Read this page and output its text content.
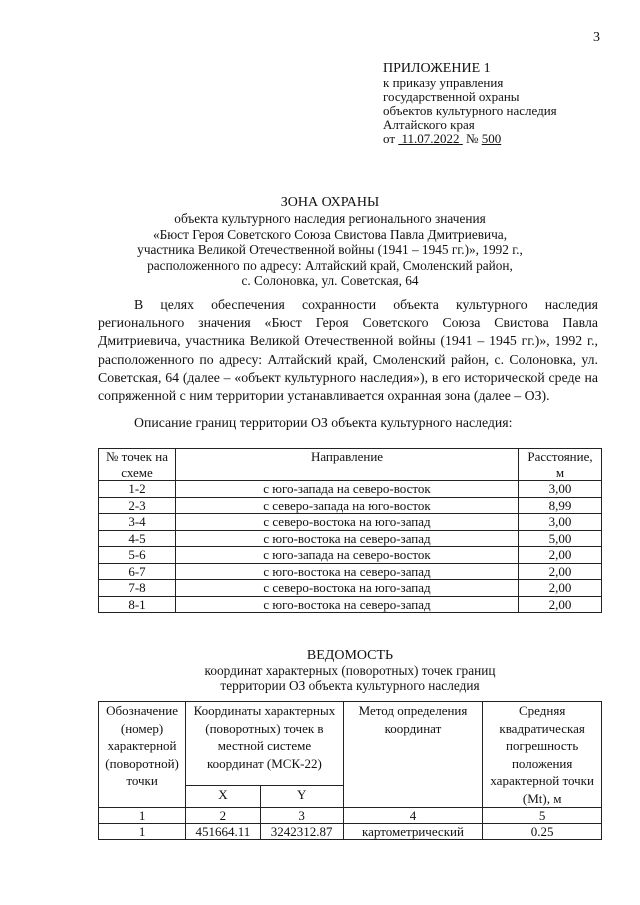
3
ПРИЛОЖЕНИЕ 1
к приказу управления
государственной охраны
объектов культурного наследия
Алтайского края
от 11.07.2022 № 500
ЗОНА ОХРАНЫ
объекта культурного наследия регионального значения
«Бюст Героя Советского Союза Свистова Павла Дмитриевича,
участника Великой Отечественной войны (1941 – 1945 гг.)», 1992 г.,
расположенного по адресу: Алтайский край, Смоленский район,
с. Солоновка, ул. Советская, 64
В целях обеспечения сохранности объекта культурного наследия регионального значения «Бюст Героя Советского Союза Свистова Павла Дмитриевича, участника Великой Отечественной войны (1941 – 1945 гг.)», 1992 г., расположенного по адресу: Алтайский край, Смоленский район, с. Солоновка, ул. Советская, 64 (далее – «объект культурного наследия»), в его исторической среде на сопряженной с ним территории устанавливается охранная зона (далее – ОЗ).
Описание границ территории ОЗ объекта культурного наследия:
№ точек на схеме	Направление	Расстояние, м
1-2	с юго-запада на северо-восток	3,00
2-3	с северо-запада на юго-восток	8,99
3-4	с северо-востока на юго-запад	3,00
4-5	с юго-востока на северо-запад	5,00
5-6	с юго-запада на северо-восток	2,00
6-7	с юго-востока на северо-запад	2,00
7-8	с северо-востока на юго-запад	2,00
8-1	с юго-востока на северо-запад	2,00
ВЕДОМОСТЬ
координат характерных (поворотных) точек границ
территории ОЗ объекта культурного наследия
Обозначение (номер) характерной (поворотной) точки	Координаты характерных (поворотных) точек в местной системе координат (МСК-22)		Метод определения координат	Средняя квадратическая погрешность положения характерной точки (Mt), м
	X	Y		
1	2	3	4	5
1	451664.11	3242312.87	картометрический	0.25
